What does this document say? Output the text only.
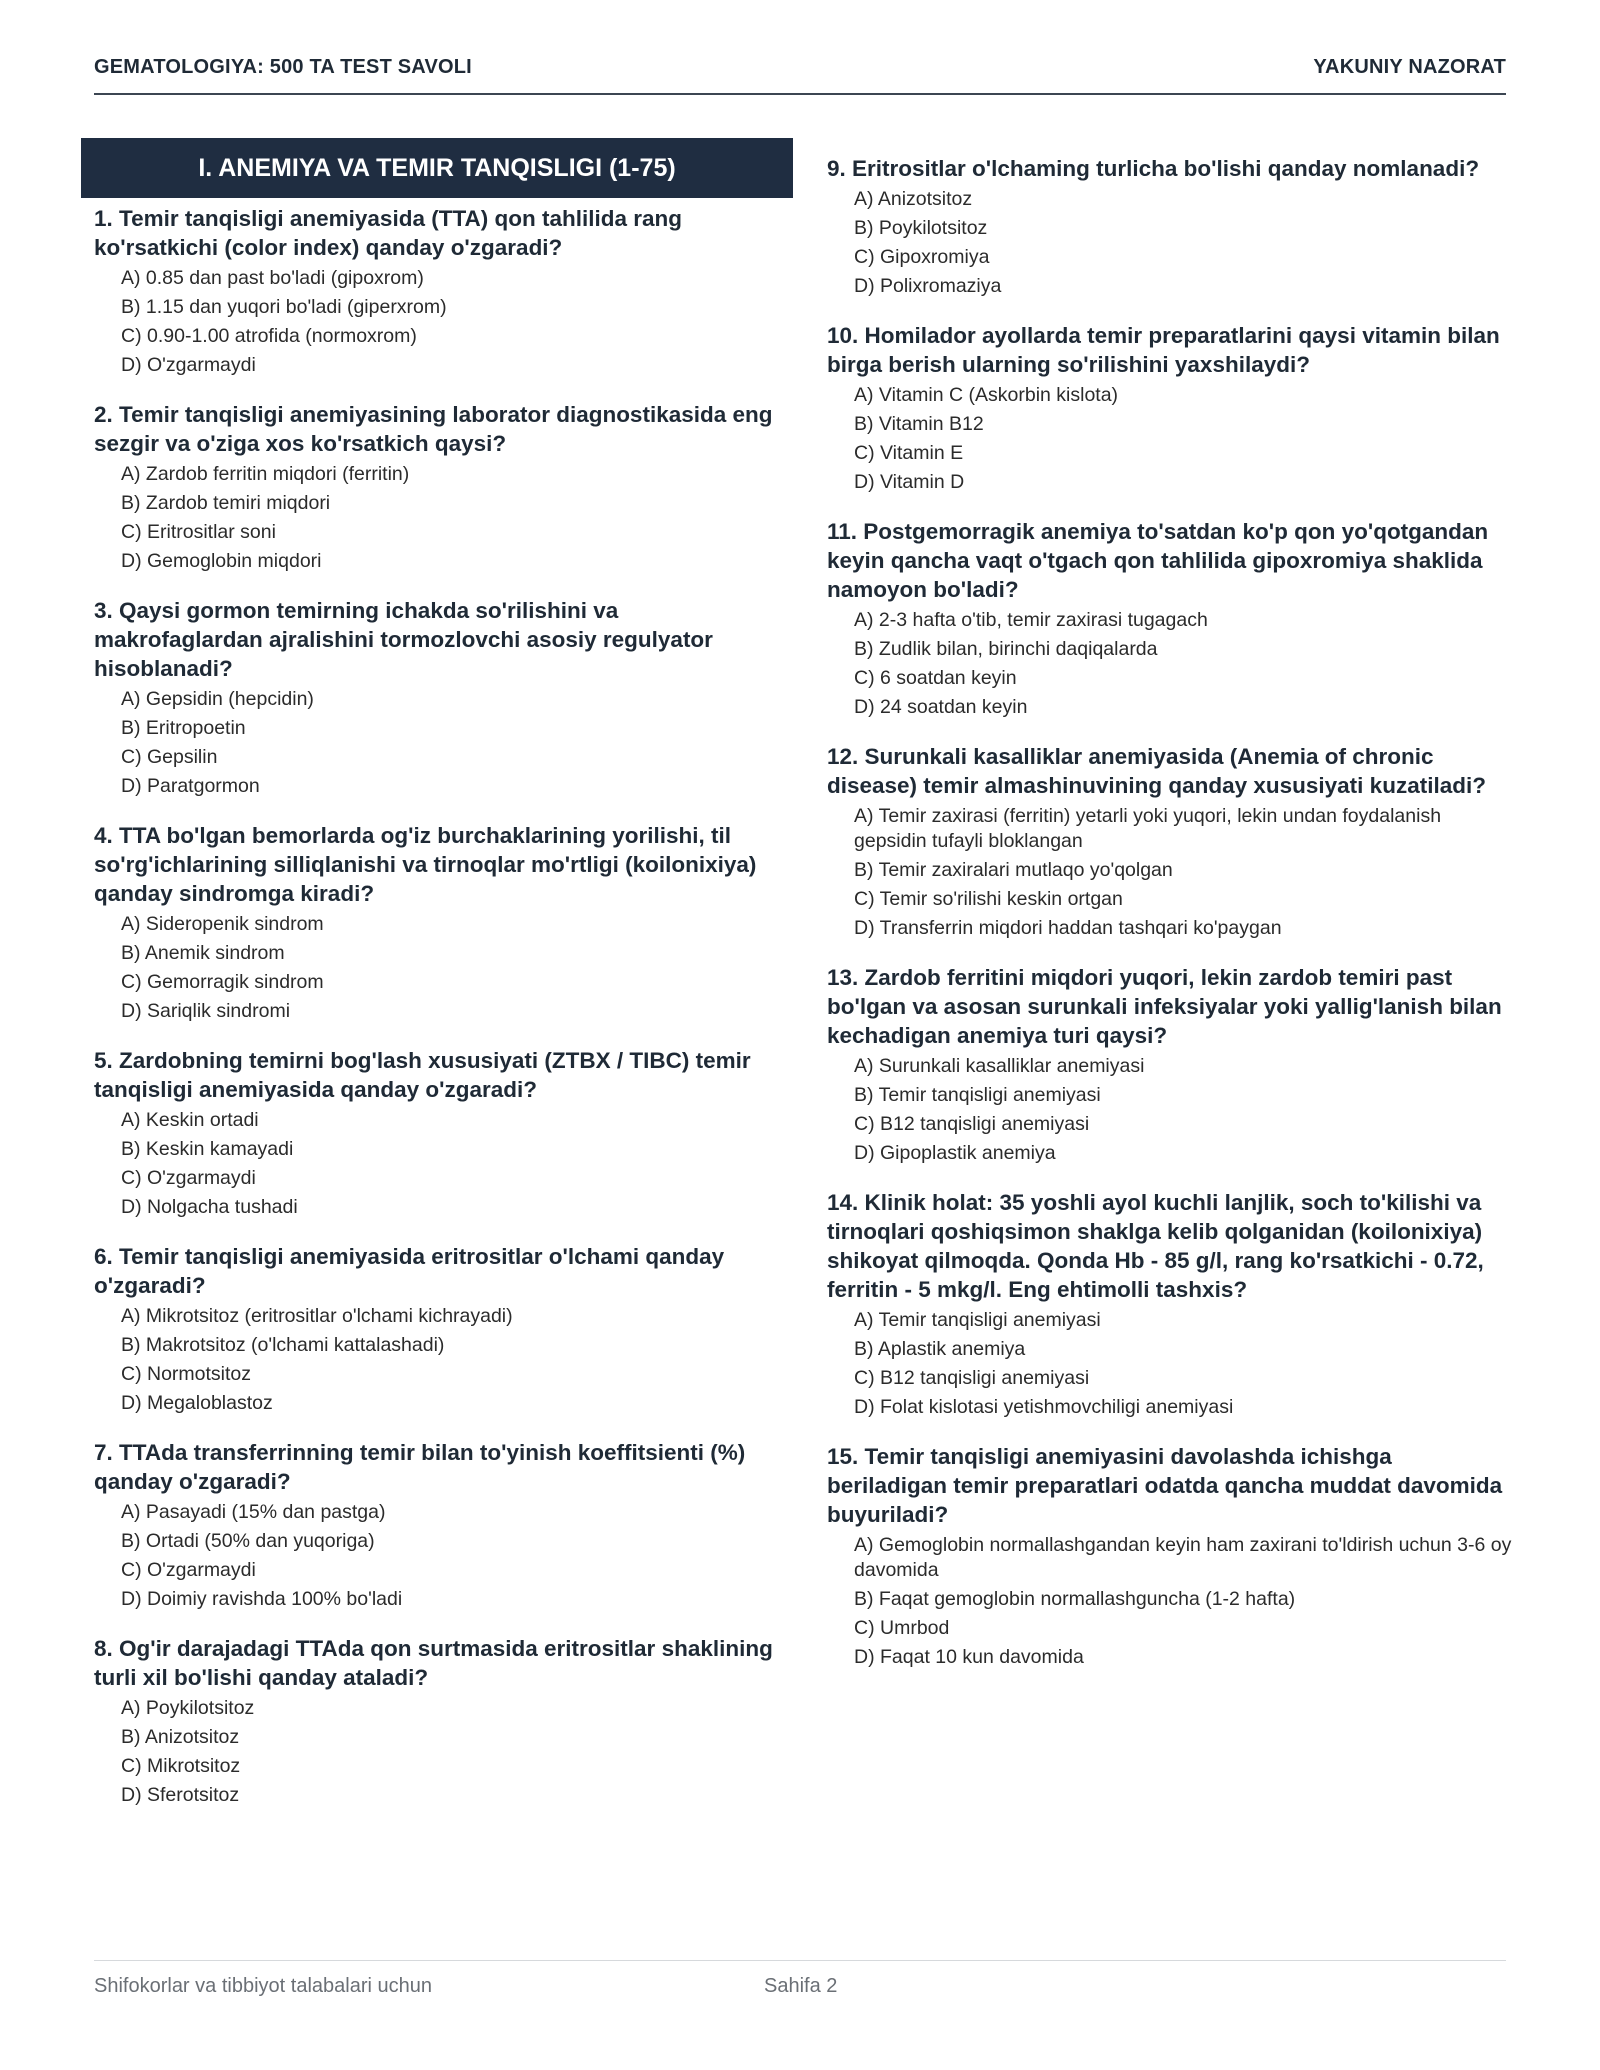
GEMATOLOGIYA: 500 TA TEST SAVOLI	YAKUNIY NAZORAT
I. ANEMIYA VA TEMIR TANQISLIGI (1-75)
1. Temir tanqisligi anemiyasida (TTA) qon tahlilida rang ko'rsatkichi (color index) qanday o'zgaradi?
A) 0.85 dan past bo'ladi (gipoxrom)
B) 1.15 dan yuqori bo'ladi (giperxrom)
C) 0.90-1.00 atrofida (normoxrom)
D) O'zgarmaydi
2. Temir tanqisligi anemiyasining laborator diagnostikasida eng sezgir va o'ziga xos ko'rsatkich qaysi?
A) Zardob ferritin miqdori (ferritin)
B) Zardob temiri miqdori
C) Eritrositlar soni
D) Gemoglobin miqdori
3. Qaysi gormon temirning ichakda so'rilishini va makrofaglardan ajralishini tormozlovchi asosiy regulyator hisoblanadi?
A) Gepsidin (hepcidin)
B) Eritropoetin
C) Gepsilin
D) Paratgormon
4. TTA bo'lgan bemorlarda og'iz burchaklarining yorilishi, til so'rg'ichlarining silliqlanishi va tirnoqlar mo'rtligi (koilonixiya) qanday sindromga kiradi?
A) Sideropenik sindrom
B) Anemik sindrom
C) Gemorragik sindrom
D) Sariqlik sindromi
5. Zardobning temirni bog'lash xususiyati (ZTBX / TIBC) temir tanqisligi anemiyasida qanday o'zgaradi?
A) Keskin ortadi
B) Keskin kamayadi
C) O'zgarmaydi
D) Nolgacha tushadi
6. Temir tanqisligi anemiyasida eritrositlar o'lchami qanday o'zgaradi?
A) Mikrotsitoz (eritrositlar o'lchami kichrayadi)
B) Makrotsitoz (o'lchami kattalashadi)
C) Normotsitoz
D) Megaloblastoz
7. TTAda transferrinning temir bilan to'yinish koeffitsienti (%) qanday o'zgaradi?
A) Pasayadi (15% dan pastga)
B) Ortadi (50% dan yuqoriga)
C) O'zgarmaydi
D) Doimiy ravishda 100% bo'ladi
8. Og'ir darajadagi TTAda qon surtmasida eritrositlar shaklining turli xil bo'lishi qanday ataladi?
A) Poykilotsitoz
B) Anizotsitoz
C) Mikrotsitoz
D) Sferotsitoz
9. Eritrositlar o'lchaming turlicha bo'lishi qanday nomlanadi?
A) Anizotsitoz
B) Poykilotsitoz
C) Gipoxromiya
D) Polixromaziya
10. Homilador ayollarda temir preparatlarini qaysi vitamin bilan birga berish ularning so'rilishini yaxshilaydi?
A) Vitamin C (Askorbin kislota)
B) Vitamin B12
C) Vitamin E
D) Vitamin D
11. Postgemorragik anemiya to'satdan ko'p qon yo'qotgandan keyin qancha vaqt o'tgach qon tahlilida gipoxromiya shaklida namoyon bo'ladi?
A) 2-3 hafta o'tib, temir zaxirasi tugagach
B) Zudlik bilan, birinchi daqiqalarda
C) 6 soatdan keyin
D) 24 soatdan keyin
12. Surunkali kasalliklar anemiyasida (Anemia of chronic disease) temir almashinuvining qanday xususiyati kuzatiladi?
A) Temir zaxirasi (ferritin) yetarli yoki yuqori, lekin undan foydalanish gepsidin tufayli bloklangan
B) Temir zaxiralari mutlaqo yo'qolgan
C) Temir so'rilishi keskin ortgan
D) Transferrin miqdori haddan tashqari ko'paygan
13. Zardob ferritini miqdori yuqori, lekin zardob temiri past bo'lgan va asosan surunkali infeksiyalar yoki yallig'lanish bilan kechadigan anemiya turi qaysi?
A) Surunkali kasalliklar anemiyasi
B) Temir tanqisligi anemiyasi
C) B12 tanqisligi anemiyasi
D) Gipoplastik anemiya
14. Klinik holat: 35 yoshli ayol kuchli lanjlik, soch to'kilishi va tirnoqlari qoshiqsimon shaklga kelib qolganidan (koilonixiya) shikoyat qilmoqda. Qonda Hb - 85 g/l, rang ko'rsatkichi - 0.72, ferritin - 5 mkg/l. Eng ehtimolli tashxis?
A) Temir tanqisligi anemiyasi
B) Aplastik anemiya
C) B12 tanqisligi anemiyasi
D) Folat kislotasi yetishmovchiligi anemiyasi
15. Temir tanqisligi anemiyasini davolashda ichishga beriladigan temir preparatlari odatda qancha muddat davomida buyuriladi?
A) Gemoglobin normallashgandan keyin ham zaxirani to'ldirish uchun 3-6 oy davomida
B) Faqat gemoglobin normallashguncha (1-2 hafta)
C) Umrbod
D) Faqat 10 kun davomida
Shifokorlar va tibbiyot talabalari uchun	Sahifa 2
